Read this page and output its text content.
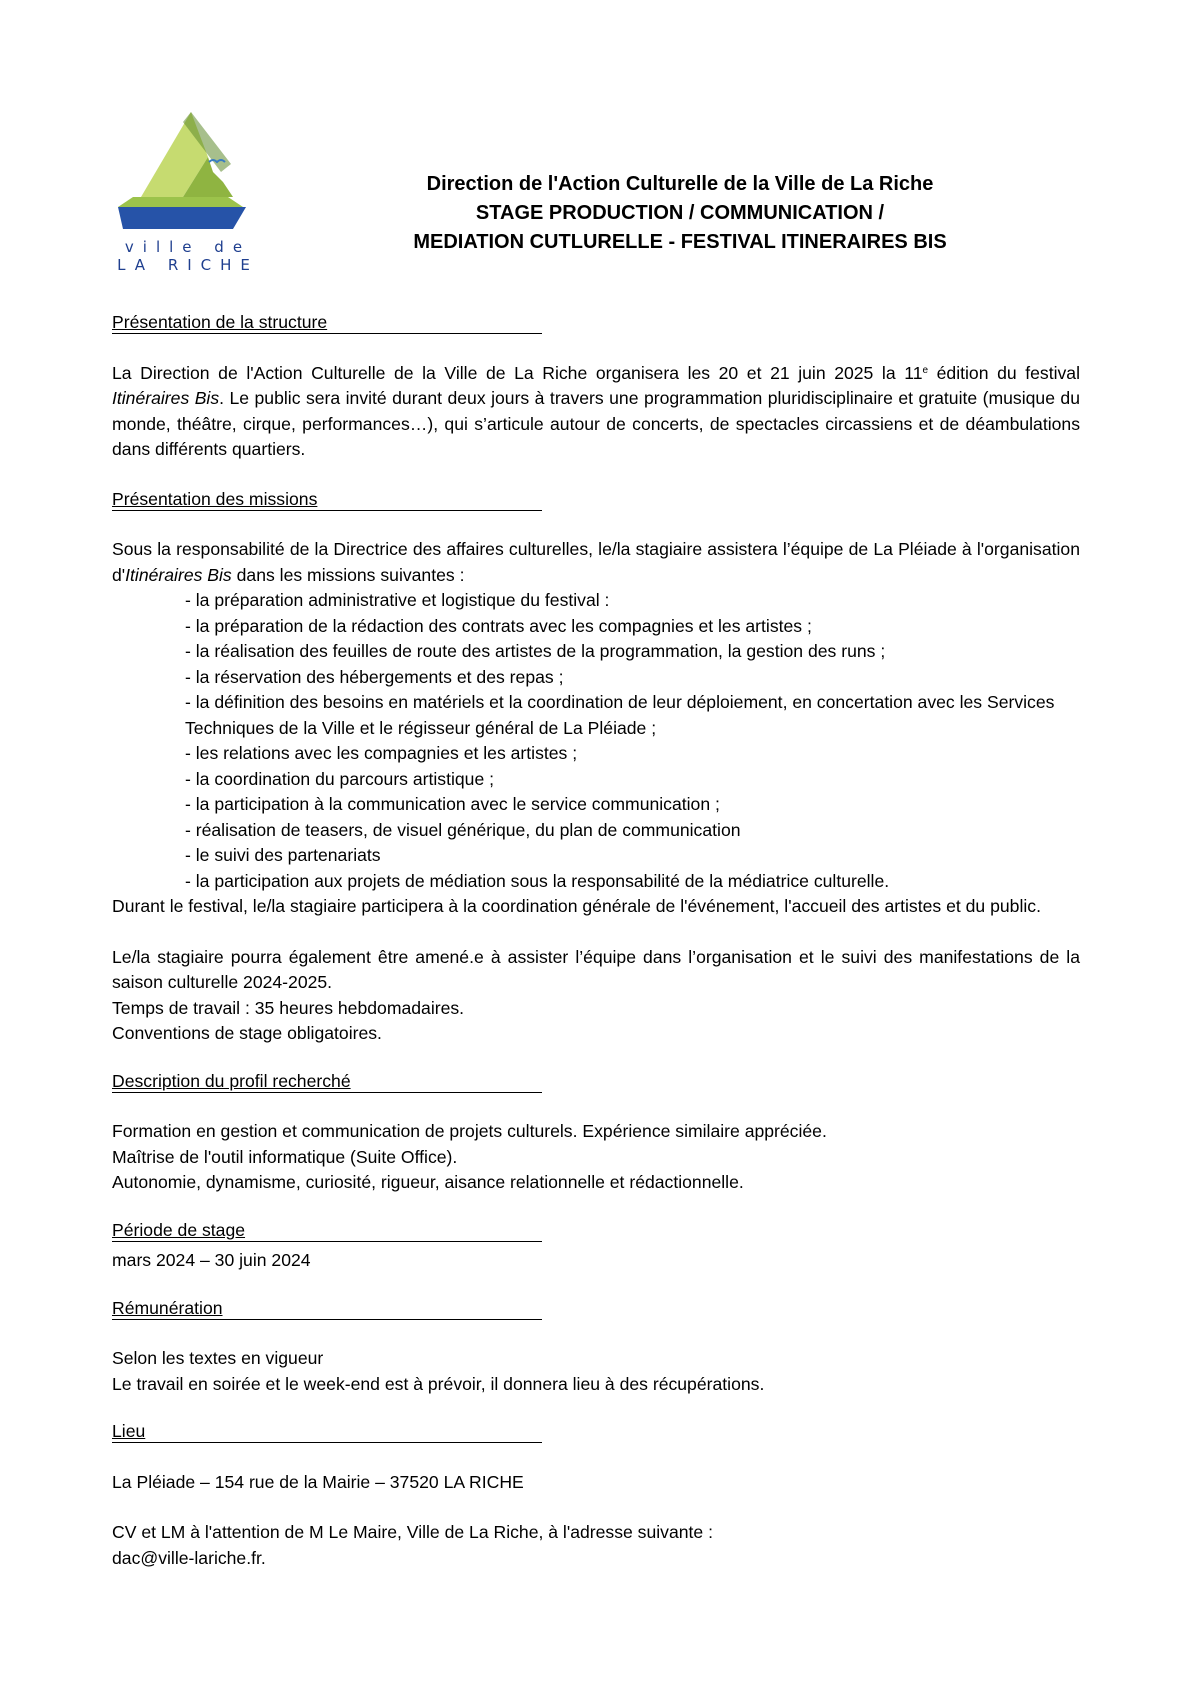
ville de
LA RICHE
Direction de l'Action Culturelle de la Ville de La Riche
STAGE PRODUCTION / COMMUNICATION /
MEDIATION CUTLURELLE - FESTIVAL ITINERAIRES BIS

Présentation de la structure

La Direction de l'Action Culturelle de la Ville de La Riche organisera les 20 et 21 juin 2025 la 11e édition du festival Itinéraires Bis. Le public sera invité durant deux jours à travers une programmation pluridisciplinaire et gratuite (musique du monde, théâtre, cirque, performances…), qui s’articule autour de concerts, de spectacles circassiens et de déambulations dans différents quartiers.

Présentation des missions

Sous la responsabilité de la Directrice des affaires culturelles, le/la stagiaire assistera l’équipe de La Pléiade à l'organisation d'Itinéraires Bis dans les missions suivantes :

- la préparation administrative et logistique du festival :
- la préparation de la rédaction des contrats avec les compagnies et les artistes ;
- la réalisation des feuilles de route des artistes de la programmation, la gestion des runs ;
- la réservation des hébergements et des repas ;
- la définition des besoins en matériels et la coordination de leur déploiement, en concertation avec les Services Techniques de la Ville et le régisseur général de La Pléiade ;
- les relations avec les compagnies et les artistes ;
- la coordination du parcours artistique ;
- la participation à la communication avec le service communication ;
- réalisation de teasers, de visuel générique, du plan de communication
- le suivi des partenariats
- la participation aux projets de médiation sous la responsabilité de la médiatrice culturelle.

Durant le festival, le/la stagiaire participera à la coordination générale de l'événement, l'accueil des artistes et du public.

Le/la stagiaire pourra également être amené.e à assister l’équipe dans l’organisation et le suivi des manifestations de la saison culturelle 2024-2025.

Temps de travail : 35 heures hebdomadaires.

Conventions de stage obligatoires.

Description du profil recherché

Formation en gestion et communication de projets culturels. Expérience similaire appréciée.

Maîtrise de l'outil informatique (Suite Office).

Autonomie, dynamisme, curiosité, rigueur, aisance relationnelle et rédactionnelle.

Période de stage

mars 2024 – 30 juin 2024

Rémunération

Selon les textes en vigueur

Le travail en soirée et le week-end est à prévoir, il donnera lieu à des récupérations.

Lieu

La Pléiade – 154 rue de la Mairie – 37520 LA RICHE

CV et LM à l'attention de M Le Maire, Ville de La Riche, à l'adresse suivante :

dac@ville-lariche.fr.
